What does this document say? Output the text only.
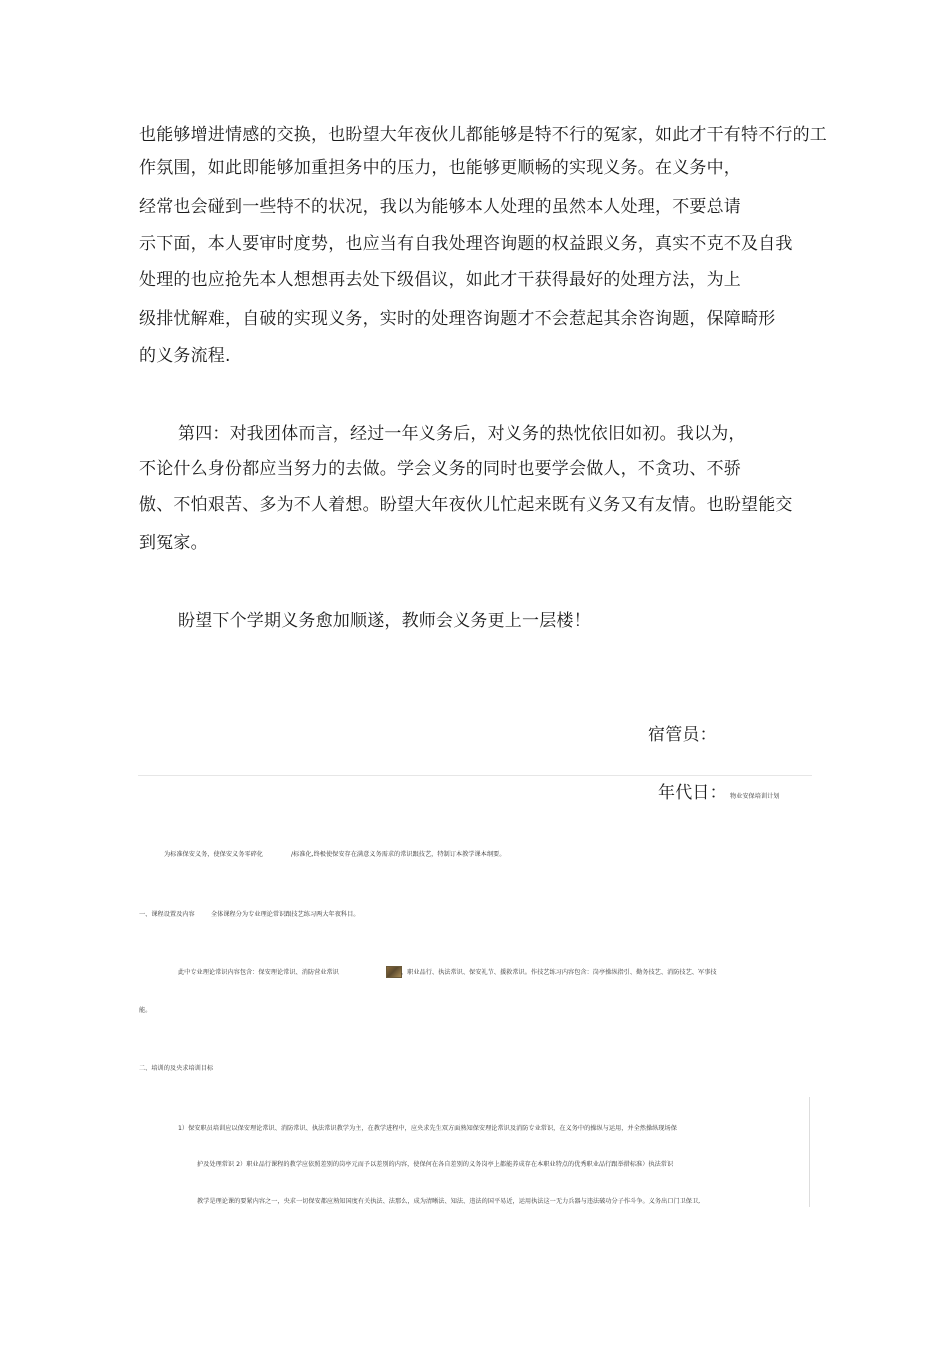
也能够增进情感的交换，也盼望大年夜伙儿都能够是特不行的冤家，如此才干有特不行的工
作氛围，如此即能够加重担务中的压力，也能够更顺畅的实现义务。在义务中，
经常也会碰到一些特不的状况，我以为能够本人处理的虽然本人处理，不要总请
示下面，本人要审时度势，也应当有自我处理咨询题的权益跟义务，真实不克不及自我
处理的也应抢先本人想想再去处下级倡议，如此才干获得最好的处理方法，为上
级排忧解难，自破的实现义务，实时的处理咨询题才不会惹起其余咨询题，保障畸形
的义务流程.
第四：对我团体而言，经过一年义务后，对义务的热忱依旧如初。我以为，
不论什么身份都应当努力的去做。学会义务的同时也要学会做人，不贪功、不骄
傲、不怕艰苦、多为不人着想。盼望大年夜伙儿忙起来既有义务又有友情。也盼望能交
到冤家。
盼望下个学期义务愈加顺遂，教师会义务更上一层楼！
宿管员：
年代日： 物业安保培训计划
为标准保安义务，使保安义务零碎化	/标准化,终极使保安存在满意义务需求的常识跟技艺，特制订本教学课本纲要。
一、课程设置及内容	全体课程分为专业理论常识跟技艺练习两大年夜科目。
此中专业理论常识内容包含：保安理论常识、消防营业常识	，职业品行、执法常识、保安礼节、援救常识。作技艺练习内容包含：岗亭操纵指引、勤务技艺、消防技艺、军事技
能。
二、培训的及央求培训目标
1）保安职员培训应以保安理论常识、消防常识、执法常识教学为主，在教学进程中，应央求先生双方面熟知保安理论常识及消防专业常识，在义务中的操纵与运用，并全然操纵现场保
护及处理常识 2）职业品行课程的教学应依照差别的岗亭元而予以差别的内容，使保何在各自差别的义务岗亭上都能养成存在本职业特点的优秀职业品行跟举措标准）执法常识
教学是理论课的要紧内容之一，央求一切保安都应熟知国度有关执法、法那么，成为清晰法、知法、违法的国平易近，运用执法这一无力兵器与违法破功分子作斗争。义务出口门卫保卫,
